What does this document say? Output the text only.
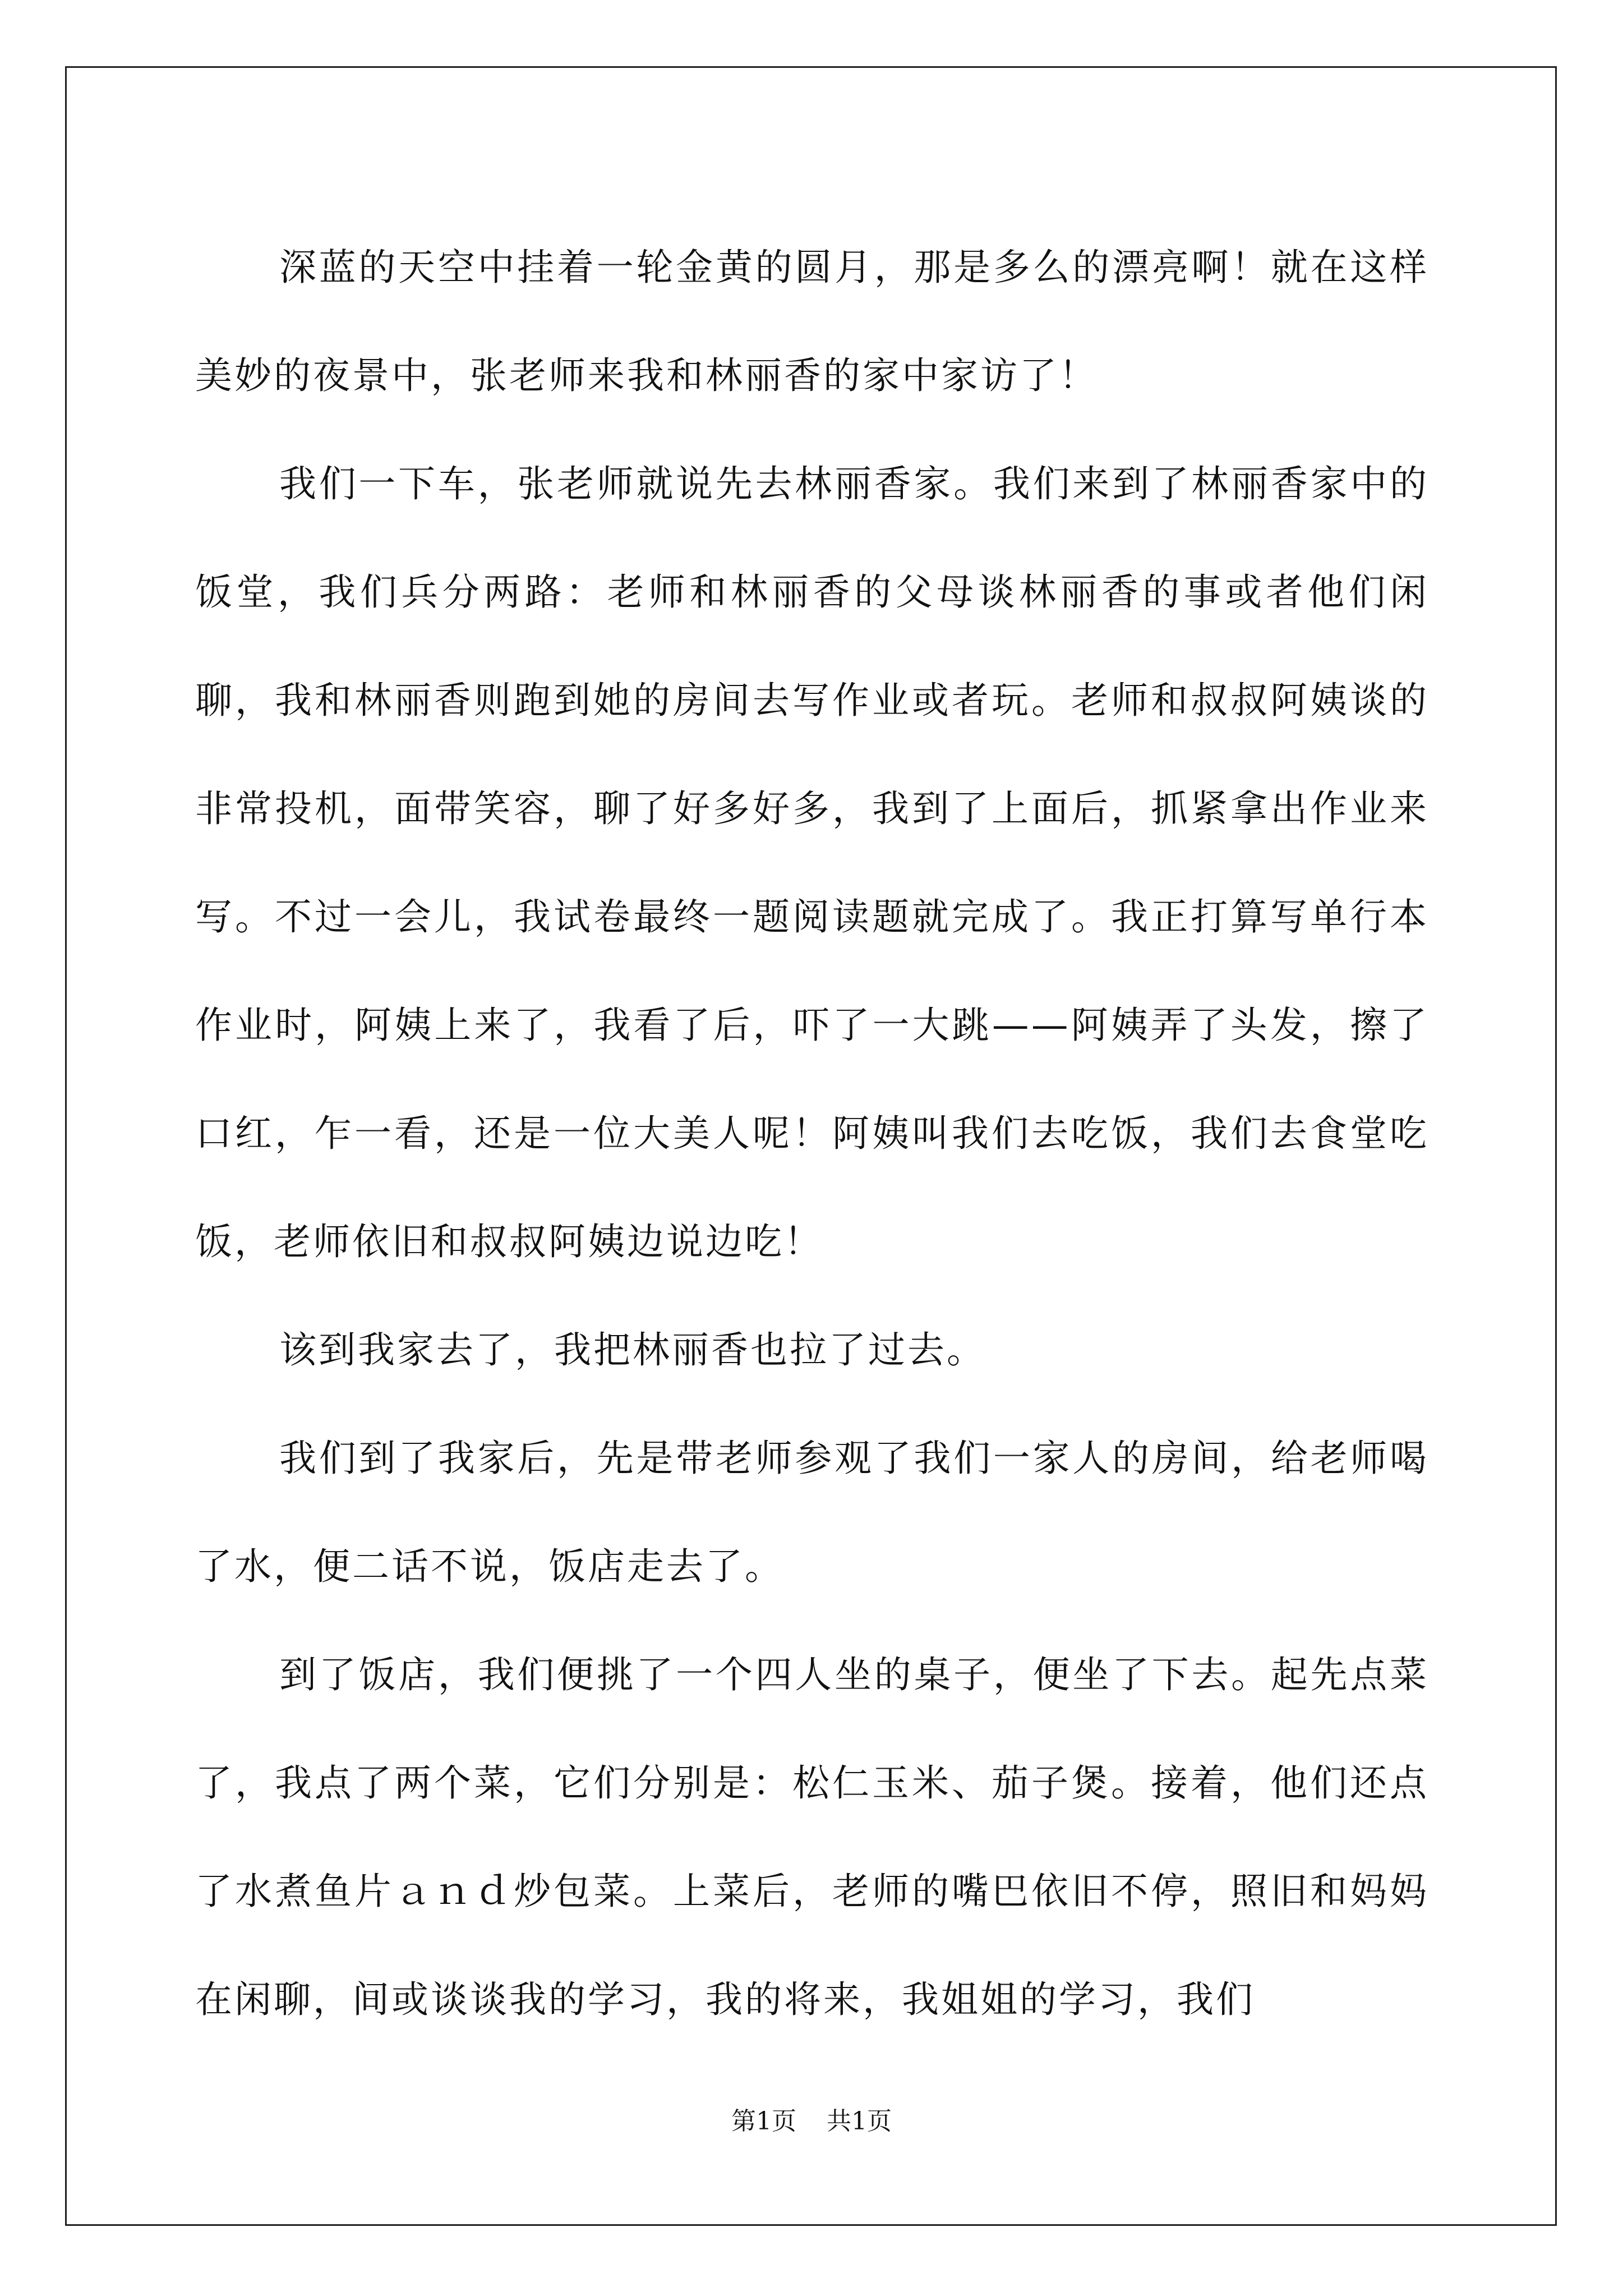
深蓝的天空中挂着一轮金黄的圆月，那是多么的漂亮啊！就在这样美妙的夜景中，张老师来我和林丽香的家中家访了！

我们一下车，张老师就说先去林丽香家。我们来到了林丽香家中的饭堂，我们兵分两路：老师和林丽香的父母谈林丽香的事或者他们闲聊，我和林丽香则跑到她的房间去写作业或者玩。老师和叔叔阿姨谈的非常投机，面带笑容，聊了好多好多，我到了上面后，抓紧拿出作业来写。不过一会儿，我试卷最终一题阅读题就完成了。我正打算写单行本作业时，阿姨上来了，我看了后，吓了一大跳——阿姨弄了头发，擦了口红，乍一看，还是一位大美人呢！阿姨叫我们去吃饭，我们去食堂吃饭，老师依旧和叔叔阿姨边说边吃！

该到我家去了，我把林丽香也拉了过去。

我们到了我家后，先是带老师参观了我们一家人的房间，给老师喝了水，便二话不说，饭店走去了。

到了饭店，我们便挑了一个四人坐的桌子，便坐了下去。起先点菜了，我点了两个菜，它们分别是：松仁玉米、茄子煲。接着，他们还点了水煮鱼片ａｎｄ炒包菜。上菜后，老师的嘴巴依旧不停，照旧和妈妈在闲聊，间或谈谈我的学习，我的将来，我姐姐的学习，我们

第1页 共1页
